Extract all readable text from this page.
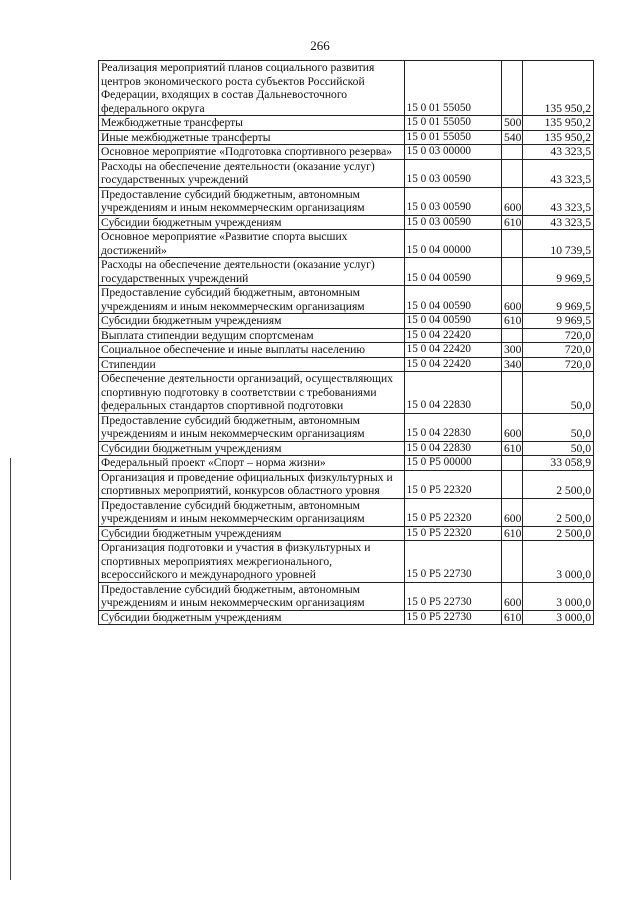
266
Реализация мероприятий планов социального развития центров экономического роста субъектов Российской Федерации, входящих в состав Дальневосточного федерального округа	15 0 01 55050		135 950,2
Межбюджетные трансферты	15 0 01 55050	500	135 950,2
Иные межбюджетные трансферты	15 0 01 55050	540	135 950,2
Основное мероприятие «Подготовка спортивного резерва»	15 0 03 00000		43 323,5
Расходы на обеспечение деятельности (оказание услуг) государственных учреждений	15 0 03 00590		43 323,5
Предоставление субсидий бюджетным, автономным учреждениям и иным некоммерческим организациям	15 0 03 00590	600	43 323,5
Субсидии бюджетным учреждениям	15 0 03 00590	610	43 323,5
Основное мероприятие «Развитие спорта высших достижений»	15 0 04 00000		10 739,5
Расходы на обеспечение деятельности (оказание услуг) государственных учреждений	15 0 04 00590		9 969,5
Предоставление субсидий бюджетным, автономным учреждениям и иным некоммерческим организациям	15 0 04 00590	600	9 969,5
Субсидии бюджетным учреждениям	15 0 04 00590	610	9 969,5
Выплата стипендии ведущим спортсменам	15 0 04 22420		720,0
Социальное обеспечение и иные выплаты населению	15 0 04 22420	300	720,0
Стипендии	15 0 04 22420	340	720,0
Обеспечение деятельности организаций, осуществляющих спортивную подготовку в соответствии с требованиями федеральных стандартов спортивной подготовки	15 0 04 22830		50,0
Предоставление субсидий бюджетным, автономным учреждениям и иным некоммерческим организациям	15 0 04 22830	600	50,0
Субсидии бюджетным учреждениям	15 0 04 22830	610	50,0
Федеральный проект «Спорт – норма жизни»	15 0 P5 00000		33 058,9
Организация и проведение официальных физкультурных и спортивных мероприятий, конкурсов областного уровня	15 0 P5 22320		2 500,0
Предоставление субсидий бюджетным, автономным учреждениям и иным некоммерческим организациям	15 0 P5 22320	600	2 500,0
Субсидии бюджетным учреждениям	15 0 P5 22320	610	2 500,0
Организация подготовки и участия в физкультурных и спортивных мероприятиях межрегионального, всероссийского и международного уровней	15 0 P5 22730		3 000,0
Предоставление субсидий бюджетным, автономным учреждениям и иным некоммерческим организациям	15 0 P5 22730	600	3 000,0
Субсидии бюджетным учреждениям	15 0 P5 22730	610	3 000,0
